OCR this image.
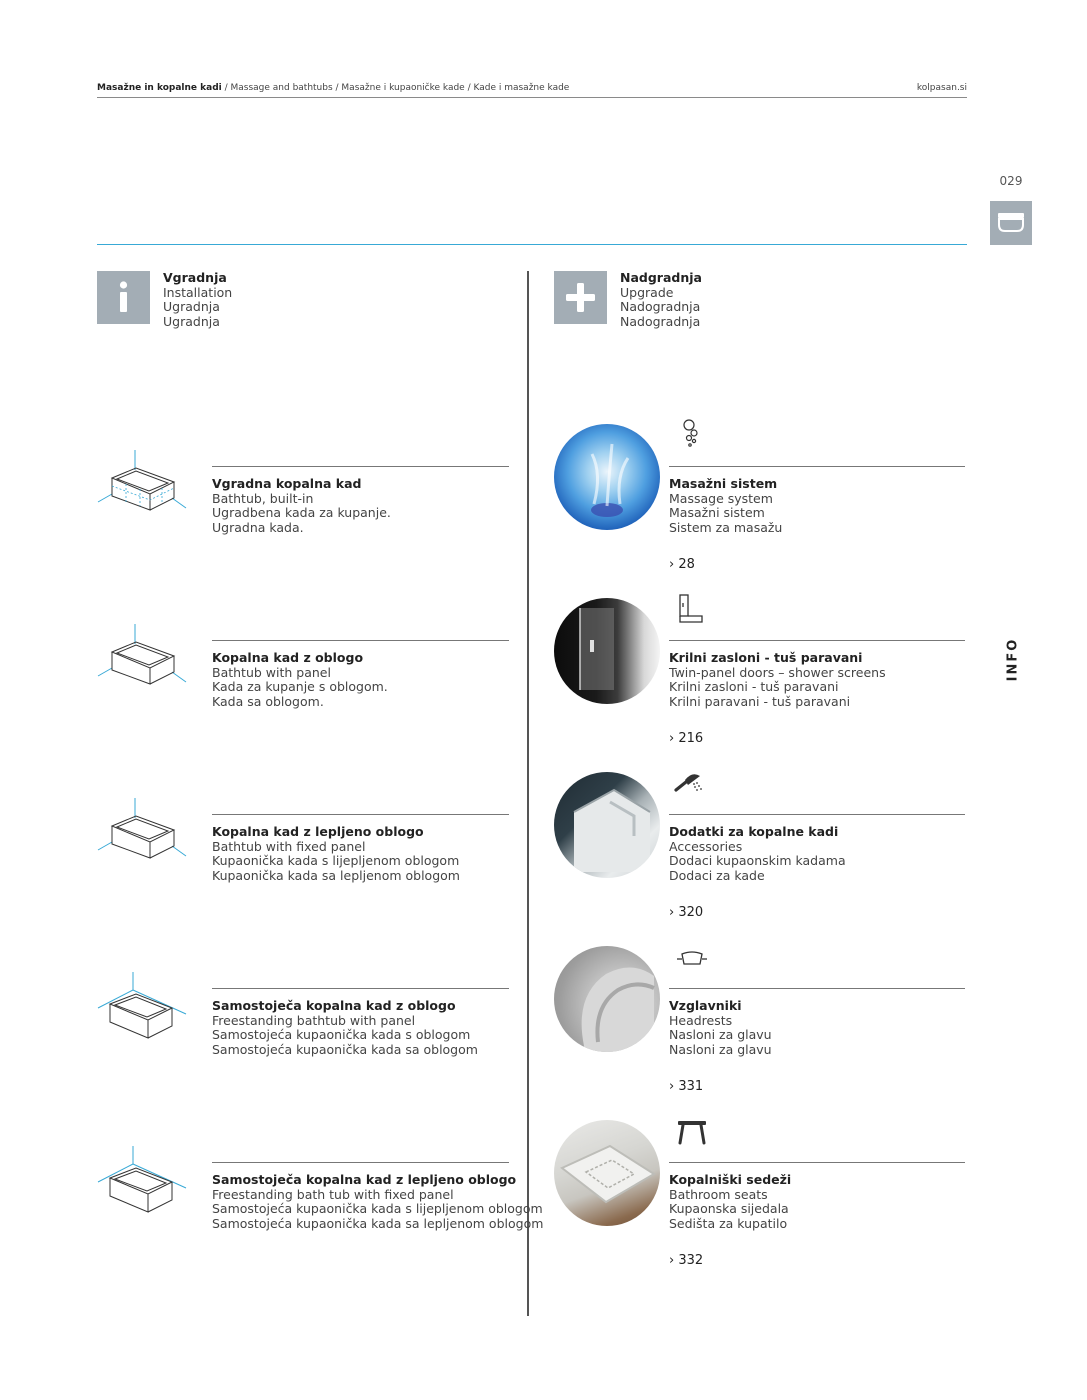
Masažne in kopalne kadi / Massage and bathtubs / Masažne i kupaoničke kade / Kade i masažne kade	kolpasan.si
029
INFO
Vgradnja
Installation
Ugradnja
Ugradnja
Nadgradnja
Upgrade
Nadogradnja
Nadogradnja
Vgradna kopalna kad
Bathtub, built-in
Ugradbena kada za kupanje.
Ugradna kada.
Kopalna kad z oblogo
Bathtub with panel
Kada za kupanje s oblogom.
Kada sa oblogom.
Kopalna kad z lepljeno oblogo
Bathtub with fixed panel
Kupaonička kada s lijepljenom oblogom
Kupaonička kada sa lepljenom oblogom
Samostoječa kopalna kad z oblogo
Freestanding bathtub with panel
Samostojeća kupaonička kada s oblogom
Samostojeća kupaonička kada sa oblogom
Samostoječa kopalna kad z lepljeno oblogo
Freestanding bath tub with fixed panel
Samostojeća kupaonička kada s lijepljenom oblogom
Samostojeća kupaonička kada sa lepljenom oblogom
Masažni sistem
Massage system
Masažni sistem
Sistem za masažu
› 28
Krilni zasloni - tuš paravani
Twin-panel doors – shower screens
Krilni zasloni - tuš paravani
Krilni paravani - tuš paravani
› 216
Dodatki za kopalne kadi
Accessories
Dodaci kupaonskim kadama
Dodaci za kade
› 320
Vzglavniki
Headrests
Nasloni za glavu
Nasloni za glavu
› 331
Kopalniški sedeži
Bathroom seats
Kupaonska sijedala
Sedišta za kupatilo
› 332
